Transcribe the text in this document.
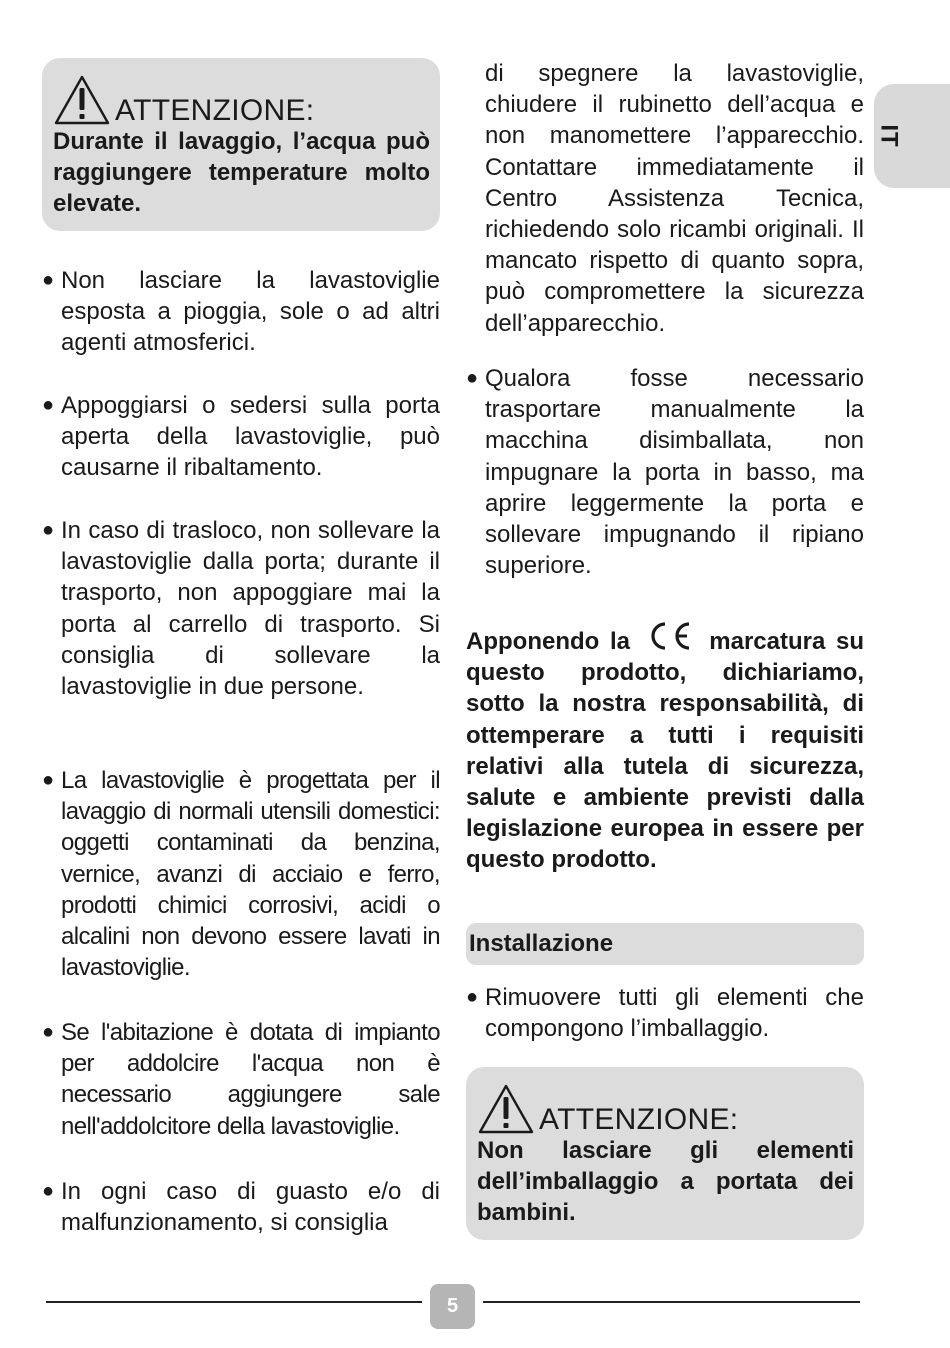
IT
ATTENZIONE:
Durante il lavaggio, l’acqua può raggiungere temperature molto elevate.
● Non lasciare la lavastoviglie esposta a pioggia, sole o ad altri agenti atmosferici.
● Appoggiarsi o sedersi sulla porta aperta della lavastoviglie, può causarne il ribaltamento.
● In caso di trasloco, non sollevare la lavastoviglie dalla porta; durante il trasporto, non appoggiare mai la porta al carrello di trasporto. Si consiglia di sollevare la lavastoviglie in due persone.
● La lavastoviglie è progettata per il lavaggio di normali utensili domestici: oggetti contaminati da benzina, vernice, avanzi di acciaio e ferro, prodotti chimici corrosivi, acidi o alcalini non devono essere lavati in lavastoviglie.
● Se l'abitazione è dotata di impianto per addolcire l'acqua non è necessario aggiungere sale nell'addolcitore della lavastoviglie.
● In ogni caso di guasto e/o di malfunzionamento, si consiglia
di spegnere la lavastoviglie, chiudere il rubinetto dell’acqua e non manomettere l’apparecchio. Contattare immediatamente il Centro Assistenza Tecnica, richiedendo solo ricambi originali. Il mancato rispetto di quanto sopra, può compromettere la sicurezza dell’apparecchio.
● Qualora fosse necessario trasportare manualmente la macchina disimballata, non impugnare la porta in basso, ma aprire leggermente la porta e sollevare impugnando il ripiano superiore.
Apponendo la	marcatura su questo prodotto, dichiariamo, sotto la nostra responsabilità, di ottemperare a tutti i requisiti relativi alla tutela di sicurezza, salute e ambiente previsti dalla legislazione europea in essere per questo prodotto.
Installazione
● Rimuovere tutti gli elementi che compongono l’imballaggio.
ATTENZIONE:
Non lasciare gli elementi dell’imballaggio a portata dei bambini.
5
